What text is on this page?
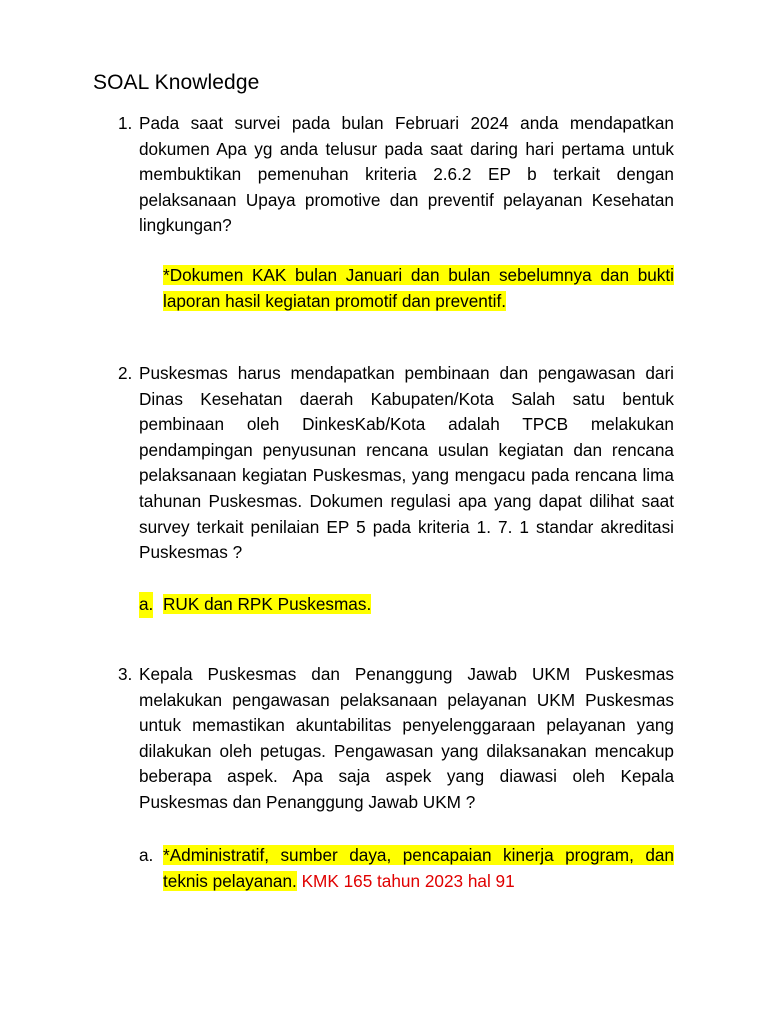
SOAL Knowledge
1. Pada saat survei pada bulan Februari 2024 anda mendapatkan dokumen Apa yg anda telusur pada saat daring hari pertama untuk membuktikan pemenuhan kriteria 2.6.2 EP b terkait dengan pelaksanaan Upaya promotive dan preventif pelayanan Kesehatan lingkungan?
*Dokumen KAK bulan Januari dan bulan sebelumnya dan bukti laporan hasil kegiatan promotif dan preventif.
2. Puskesmas harus mendapatkan pembinaan dan pengawasan dari Dinas Kesehatan daerah Kabupaten/Kota Salah satu bentuk pembinaan oleh DinkesKab/Kota adalah TPCB melakukan pendampingan penyusunan rencana usulan kegiatan dan rencana pelaksanaan kegiatan Puskesmas, yang mengacu pada rencana lima tahunan Puskesmas. Dokumen regulasi apa yang dapat dilihat saat survey terkait penilaian EP 5 pada kriteria 1. 7. 1 standar akreditasi Puskesmas ?
a. RUK dan RPK Puskesmas.
3. Kepala Puskesmas dan Penanggung Jawab UKM Puskesmas melakukan pengawasan pelaksanaan pelayanan UKM Puskesmas untuk memastikan akuntabilitas penyelenggaraan pelayanan yang dilakukan oleh petugas. Pengawasan yang dilaksanakan mencakup beberapa aspek. Apa saja aspek yang diawasi oleh Kepala Puskesmas dan Penanggung Jawab UKM ?
a. *Administratif, sumber daya, pencapaian kinerja program, dan teknis pelayanan. KMK 165 tahun 2023 hal 91
